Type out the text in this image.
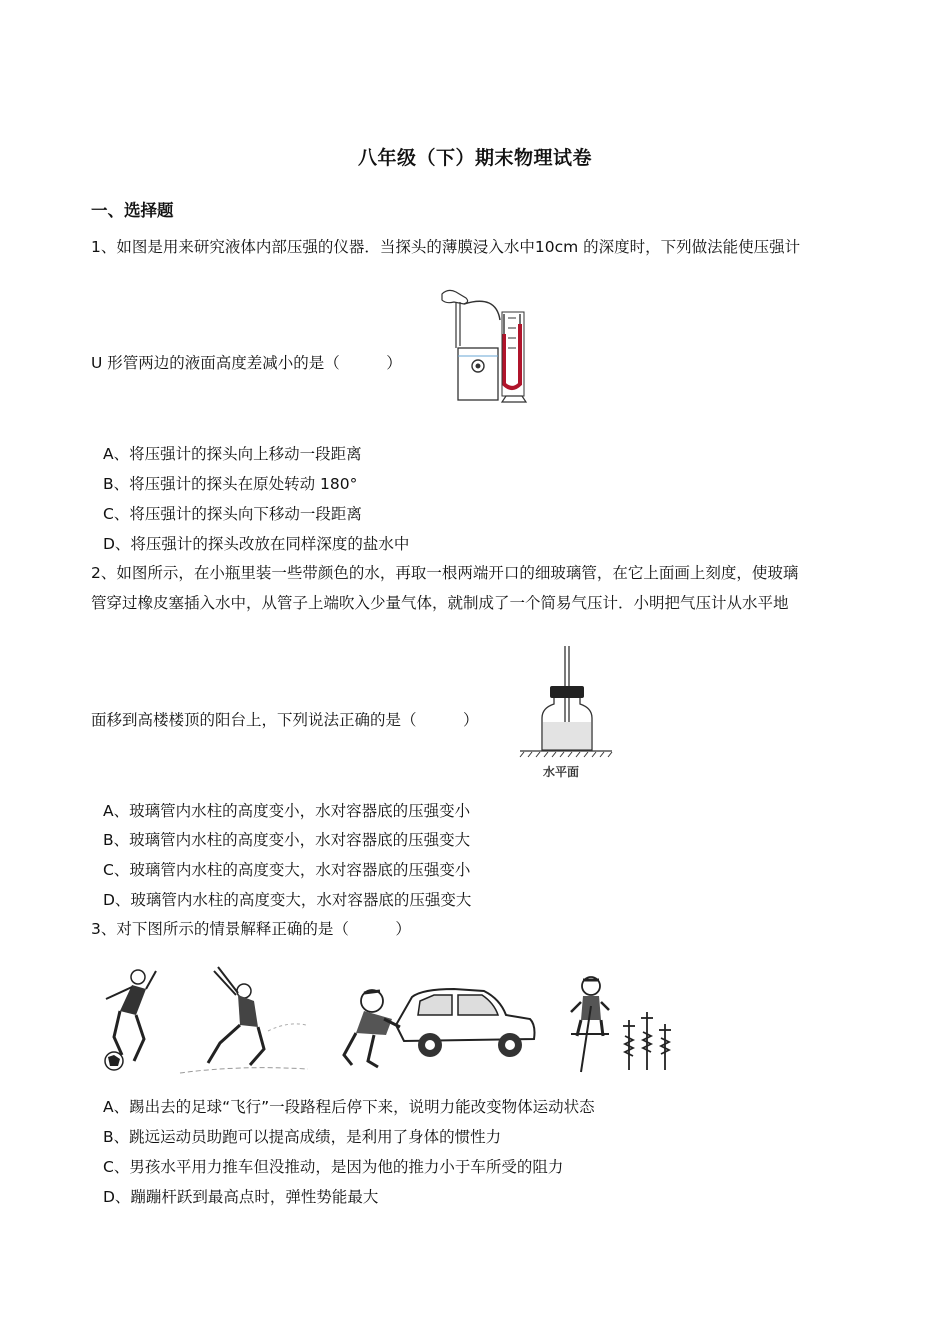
八年级（下）期末物理试卷
一、选择题
1、如图是用来研究液体内部压强的仪器．当探头的薄膜浸入水中10cm 的深度时，下列做法能使压强计
U 形管两边的液面高度差减小的是（　　　）
A、将压强计的探头向上移动一段距离
B、将压强计的探头在原处转动 180°
C、将压强计的探头向下移动一段距离
D、将压强计的探头改放在同样深度的盐水中
2、如图所示，在小瓶里装一些带颜色的水，再取一根两端开口的细玻璃管，在它上面画上刻度，使玻璃
管穿过橡皮塞插入水中，从管子上端吹入少量气体，就制成了一个简易气压计．小明把气压计从水平地
面移到高楼楼顶的阳台上，下列说法正确的是（　　　）
水平面
A、玻璃管内水柱的高度变小，水对容器底的压强变小
B、玻璃管内水柱的高度变小，水对容器底的压强变大
C、玻璃管内水柱的高度变大，水对容器底的压强变小
D、玻璃管内水柱的高度变大，水对容器底的压强变大
3、对下图所示的情景解释正确的是（　　　）
A、踢出去的足球“飞行”一段路程后停下来，说明力能改变物体运动状态
B、跳远运动员助跑可以提高成绩，是利用了身体的惯性力
C、男孩水平用力推车但没推动，是因为他的推力小于车所受的阻力
D、蹦蹦杆跃到最高点时，弹性势能最大
